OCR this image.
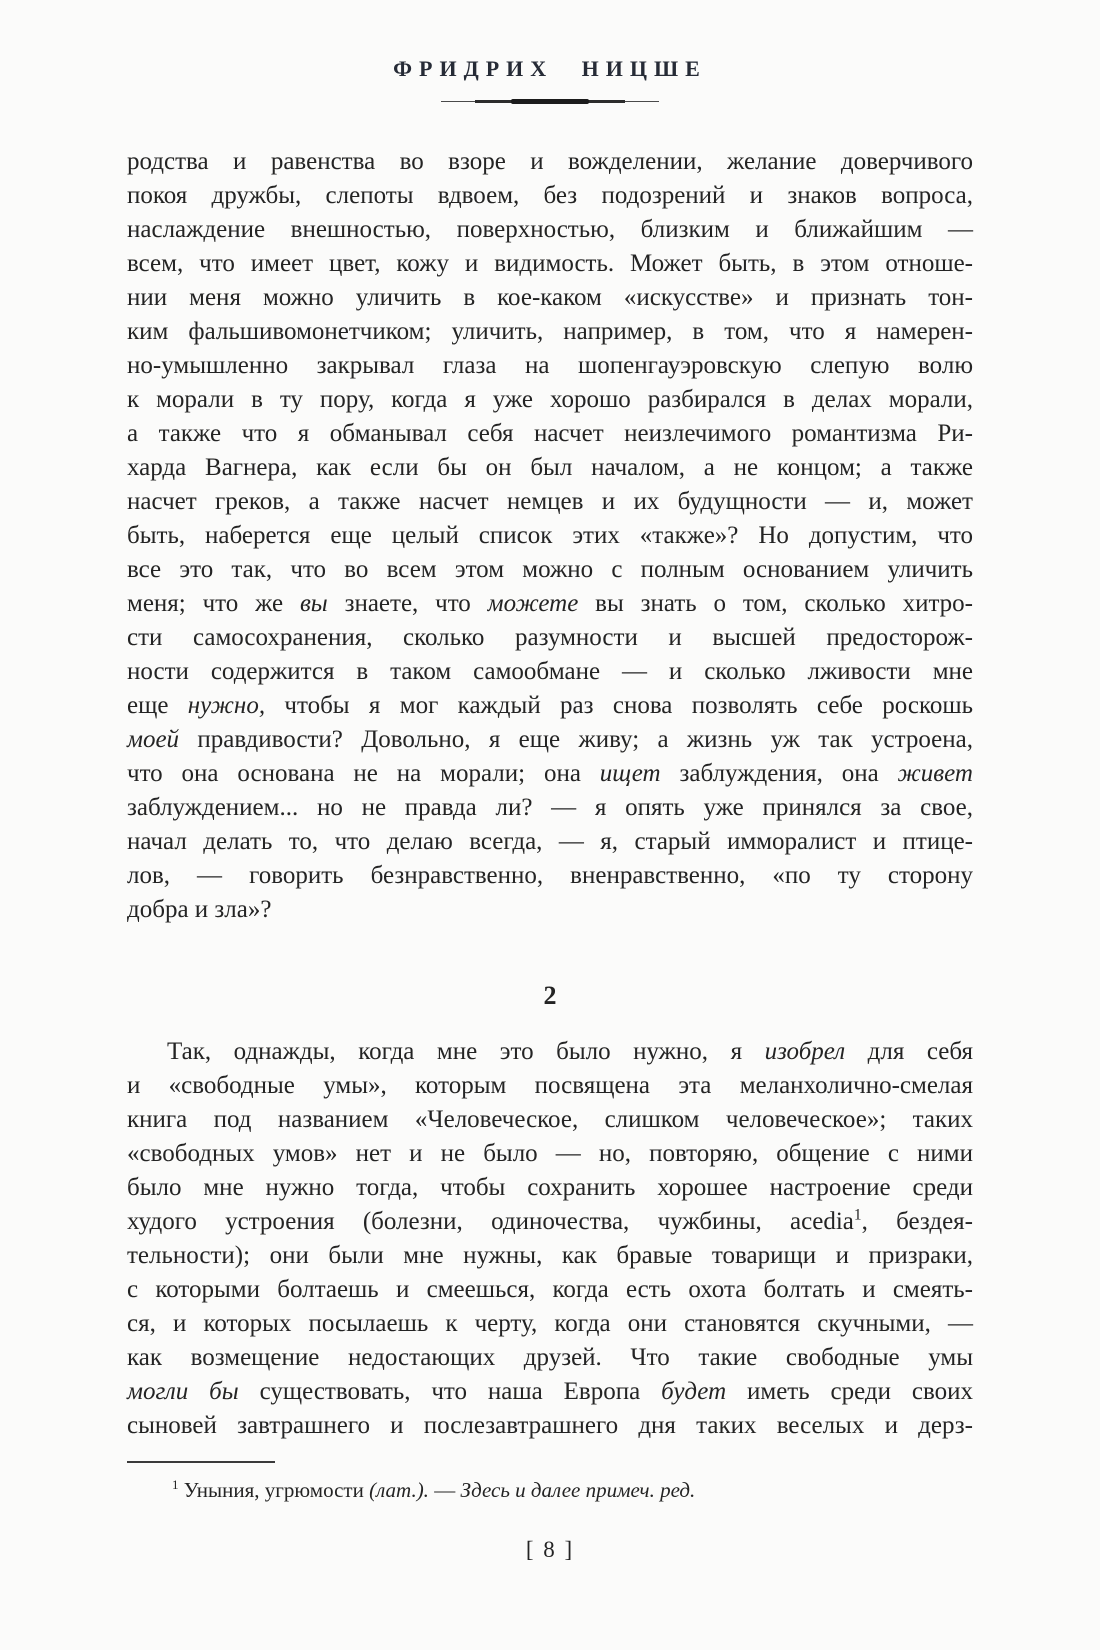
ФРИДРИХ НИЦШЕ
родства и равенства во взоре и вожделении, желание доверчивого
покоя дружбы, слепоты вдвоем, без подозрений и знаков вопроса,
наслаждение внешностью, поверхностью, близким и ближайшим —
всем, что имеет цвет, кожу и видимость. Может быть, в этом отноше-
нии меня можно уличить в кое-каком «искусстве» и признать тон-
ким фальшивомонетчиком; уличить, например, в том, что я намерен-
но-умышленно закрывал глаза на шопенгауэровскую слепую волю
к морали в ту пору, когда я уже хорошо разбирался в делах морали,
а также что я обманывал себя насчет неизлечимого романтизма Ри-
харда Вагнера, как если бы он был началом, а не концом; а также
насчет греков, а также насчет немцев и их будущности — и, может
быть, наберется еще целый список этих «также»? Но допустим, что
все это так, что во всем этом можно с полным основанием уличить
меня; что же вы знаете, что можете вы знать о том, сколько хитро-
сти самосохранения, сколько разумности и высшей предосторож-
ности содержится в таком самообмане — и сколько лживости мне
еще нужно, чтобы я мог каждый раз снова позволять себе роскошь
моей правдивости? Довольно, я еще живу; а жизнь уж так устроена,
что она основана не на морали; она ищет заблуждения, она живет
заблуждением... но не правда ли? — я опять уже принялся за свое,
начал делать то, что делаю всегда, — я, старый имморалист и птице-
лов, — говорить безнравственно, вненравственно, «по ту сторону
добра и зла»?
2
Так, однажды, когда мне это было нужно, я изобрел для себя
и «свободные умы», которым посвящена эта меланхолично-смелая
книга под названием «Человеческое, слишком человеческое»; таких
«свободных умов» нет и не было — но, повторяю, общение с ними
было мне нужно тогда, чтобы сохранить хорошее настроение среди
худого устроения (болезни, одиночества, чужбины, acedia$^1$, бездея-
тельности); они были мне нужны, как бравые товарищи и призраки,
с которыми болтаешь и смеешься, когда есть охота болтать и смеять-
ся, и которых посылаешь к черту, когда они становятся скучными, —
как возмещение недостающих друзей. Что такие свободные умы
могли бы существовать, что наша Европа будет иметь среди своих
сыновей завтрашнего и послезавтрашнего дня таких веселых и дерз-
$^1$ Уныния, угрюмости (лат.). — Здесь и далее примеч. ред.
[ 8 ]
